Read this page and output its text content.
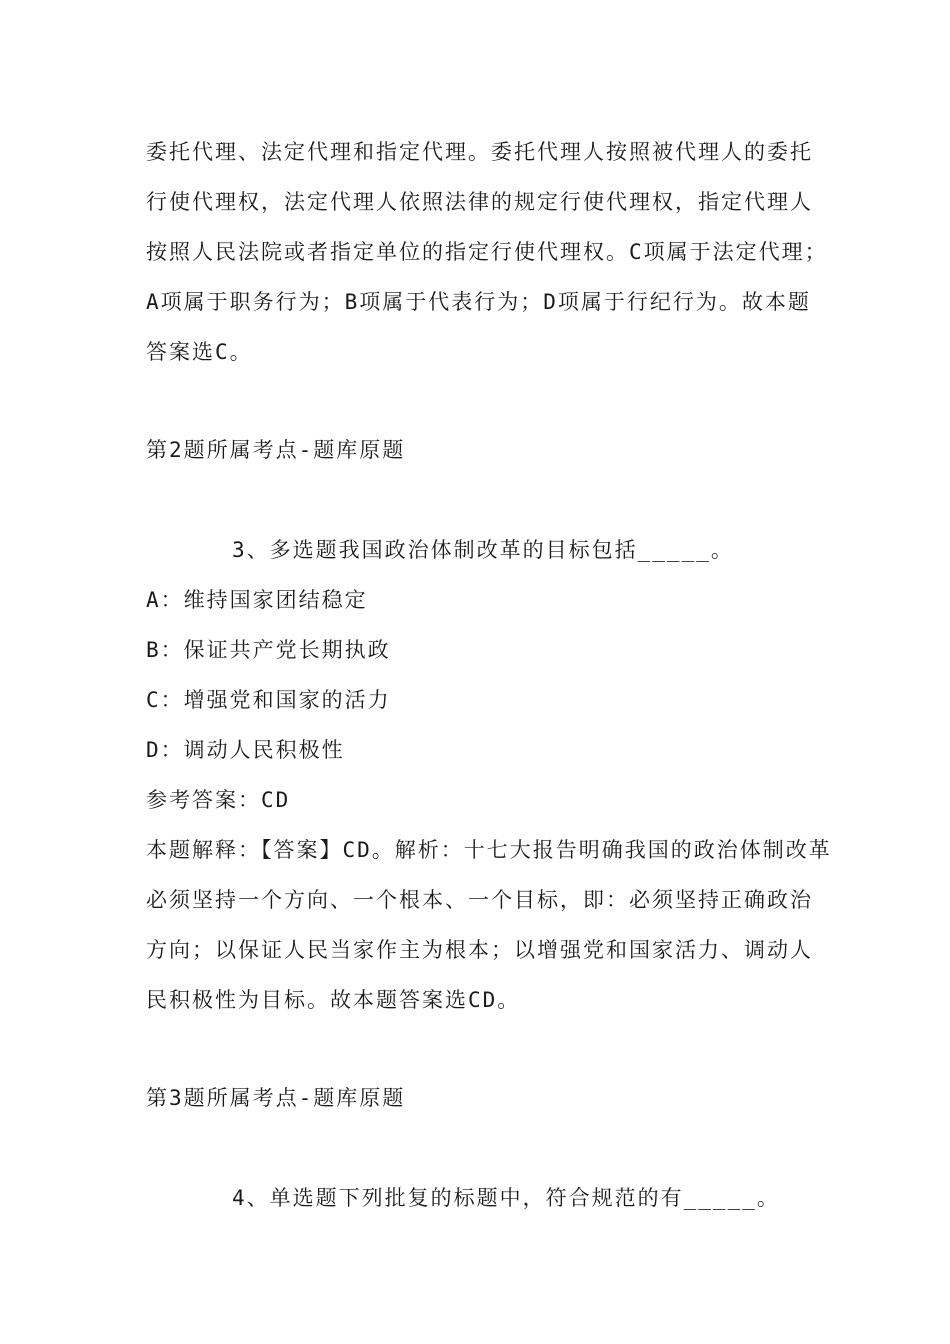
委托代理、法定代理和指定代理。委托代理人按照被代理人的委托
行使代理权，法定代理人依照法律的规定行使代理权，指定代理人
按照人民法院或者指定单位的指定行使代理权。C项属于法定代理；
A项属于职务行为；B项属于代表行为；D项属于行纪行为。故本题
答案选C。
第2题所属考点-题库原题
3、多选题我国政治体制改革的目标包括_____。
A：维持国家团结稳定
B：保证共产党长期执政
C：增强党和国家的活力
D：调动人民积极性
参考答案：CD
本题解释：【答案】CD。解析：十七大报告明确我国的政治体制改革
必须坚持一个方向、一个根本、一个目标，即：必须坚持正确政治
方向；以保证人民当家作主为根本；以增强党和国家活力、调动人
民积极性为目标。故本题答案选CD。
第3题所属考点-题库原题
4、单选题下列批复的标题中，符合规范的有_____。
